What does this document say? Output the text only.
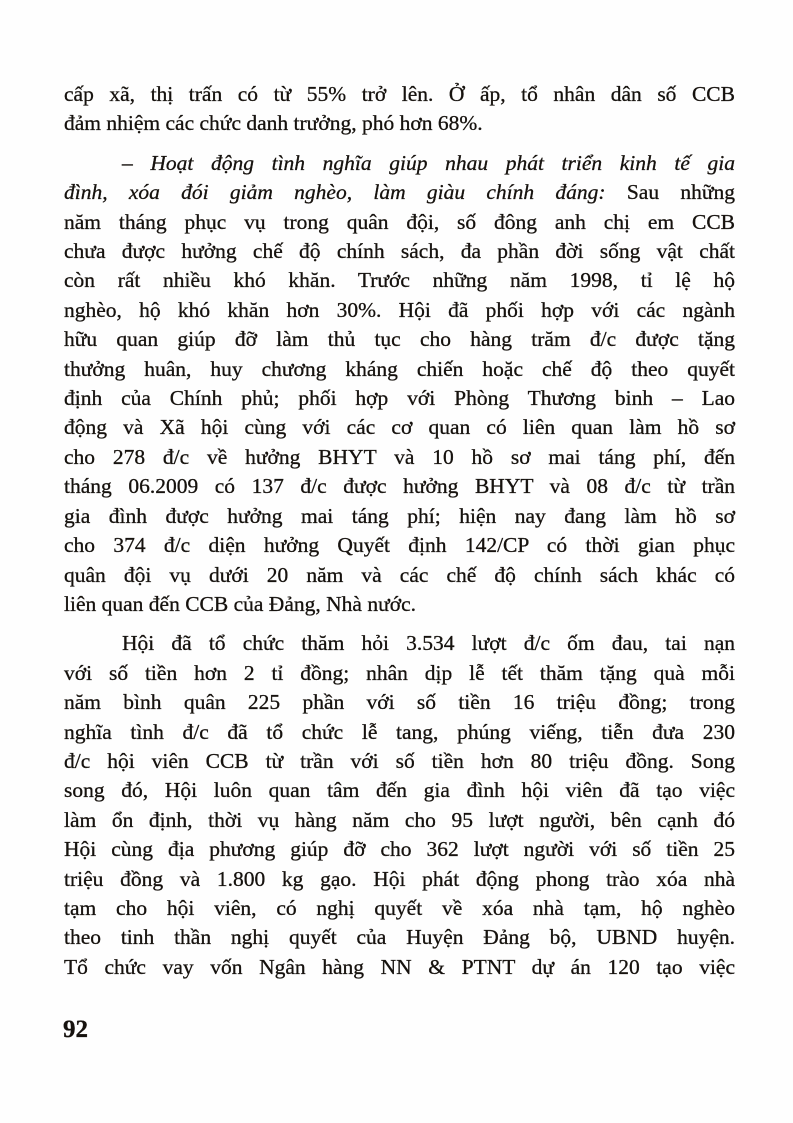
cấp xã, thị trấn có từ 55% trở lên. Ở ấp, tổ nhân dân số CCB
đảm nhiệm các chức danh trưởng, phó hơn 68%.
– Hoạt động tình nghĩa giúp nhau phát triển kinh tế gia
đình, xóa đói giảm nghèo, làm giàu chính đáng: Sau những
năm tháng phục vụ trong quân đội, số đông anh chị em CCB
chưa được hưởng chế độ chính sách, đa phần đời sống vật chất
còn rất nhiều khó khăn. Trước những năm 1998, tỉ lệ hộ
nghèo, hộ khó khăn hơn 30%. Hội đã phối hợp với các ngành
hữu quan giúp đỡ làm thủ tục cho hàng trăm đ/c được tặng
thưởng huân, huy chương kháng chiến hoặc chế độ theo quyết
định của Chính phủ; phối hợp với Phòng Thương binh – Lao
động và Xã hội cùng với các cơ quan có liên quan làm hồ sơ
cho 278 đ/c về hưởng BHYT và 10 hồ sơ mai táng phí, đến
tháng 06.2009 có 137 đ/c được hưởng BHYT và 08 đ/c từ trần
gia đình được hưởng mai táng phí; hiện nay đang làm hồ sơ
cho 374 đ/c diện hưởng Quyết định 142/CP có thời gian phục
quân đội vụ dưới 20 năm và các chế độ chính sách khác có
liên quan đến CCB của Đảng, Nhà nước.
Hội đã tổ chức thăm hỏi 3.534 lượt đ/c ốm đau, tai nạn
với số tiền hơn 2 tỉ đồng; nhân dịp lễ tết thăm tặng quà mỗi
năm bình quân 225 phần với số tiền 16 triệu đồng; trong
nghĩa tình đ/c đã tổ chức lễ tang, phúng viếng, tiễn đưa 230
đ/c hội viên CCB từ trần với số tiền hơn 80 triệu đồng. Song
song đó, Hội luôn quan tâm đến gia đình hội viên đã tạo việc
làm ổn định, thời vụ hàng năm cho 95 lượt người, bên cạnh đó
Hội cùng địa phương giúp đỡ cho 362 lượt người với số tiền 25
triệu đồng và 1.800 kg gạo. Hội phát động phong trào xóa nhà
tạm cho hội viên, có nghị quyết về xóa nhà tạm, hộ nghèo
theo tinh thần nghị quyết của Huyện Đảng bộ, UBND huyện.
Tổ chức vay vốn Ngân hàng NN & PTNT dự án 120 tạo việc
92
